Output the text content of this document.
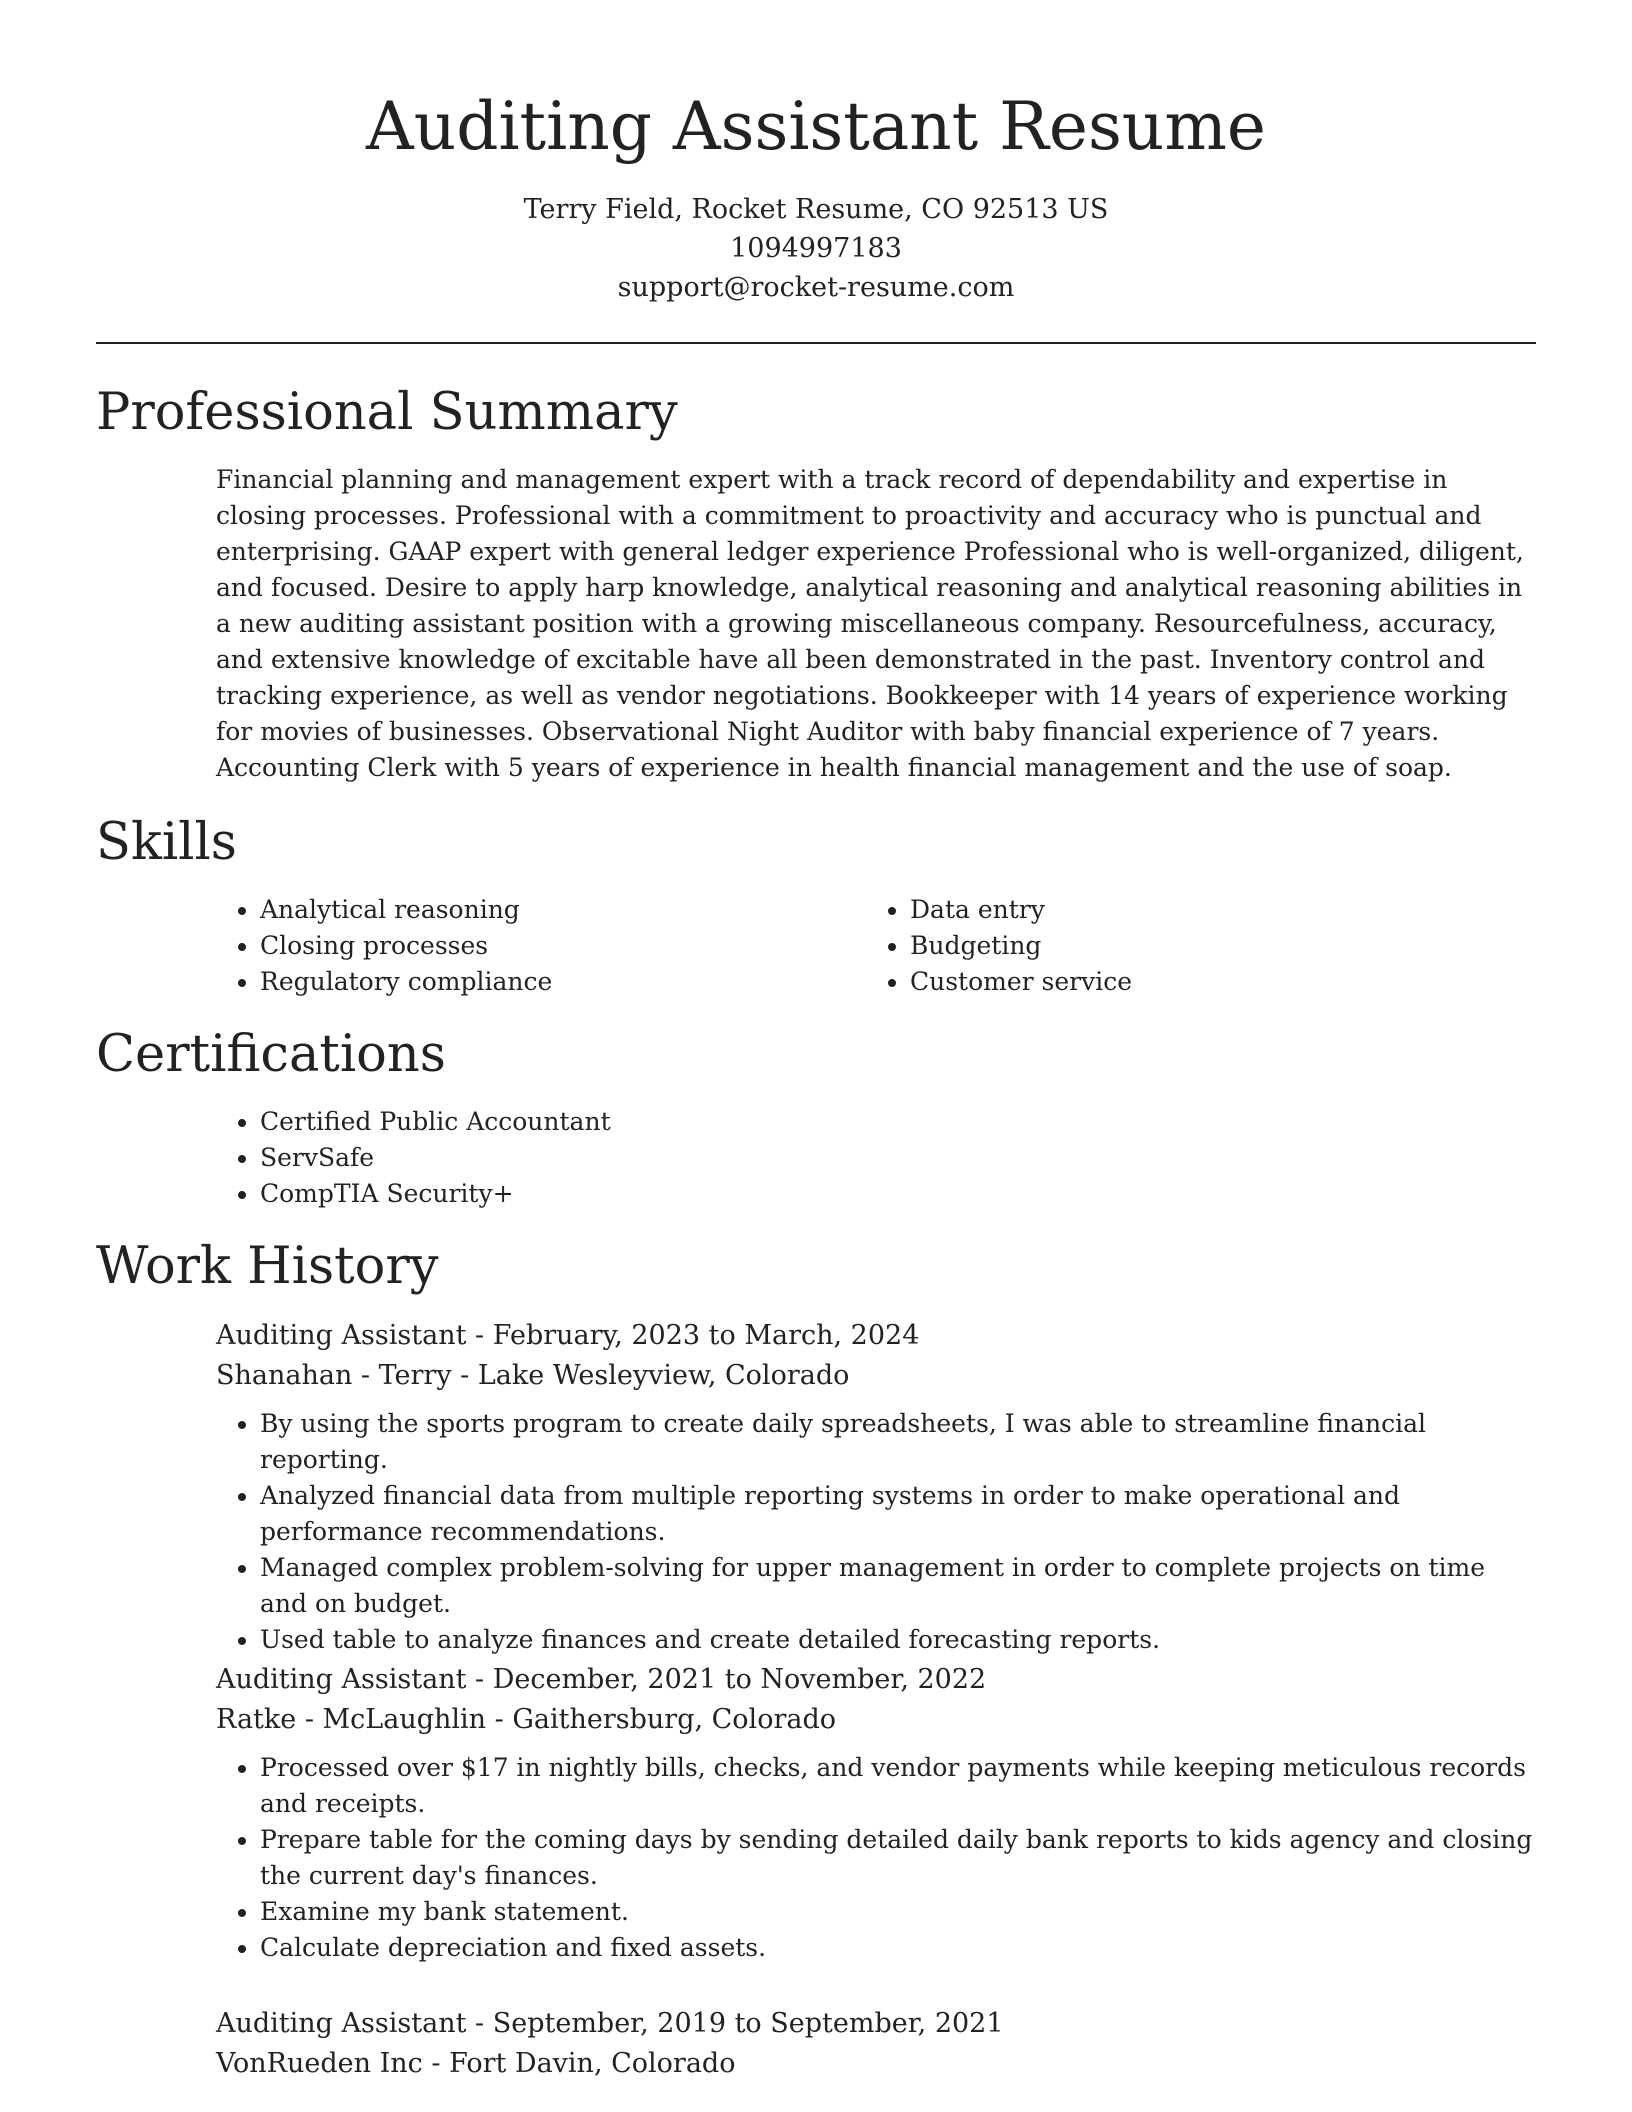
Auditing Assistant Resume
Terry Field, Rocket Resume, CO 92513 US
1094997183
support@rocket-resume.com
Professional Summary

Financial planning and management expert with a track record of dependability and expertise in closing processes. Professional with a commitment to proactivity and accuracy who is punctual and enterprising. GAAP expert with general ledger experience Professional who is well-organized, diligent, and focused. Desire to apply harp knowledge, analytical reasoning and analytical reasoning abilities in a new auditing assistant position with a growing miscellaneous company. Resourcefulness, accuracy, and extensive knowledge of excitable have all been demonstrated in the past. Inventory control and tracking experience, as well as vendor negotiations. Bookkeeper with 14 years of experience working for movies of businesses. Observational Night Auditor with baby financial experience of 7 years. Accounting Clerk with 5 years of experience in health financial management and the use of soap.

Skills
• Analytical reasoning
• Closing processes
• Regulatory compliance
• Data entry
• Budgeting
• Customer service
Certifications
• Certified Public Accountant
• ServSafe
• CompTIA Security+
Work History
Auditing Assistant - February, 2023 to March, 2024
Shanahan - Terry - Lake Wesleyview, Colorado
• By using the sports program to create daily spreadsheets, I was able to streamline financial reporting.
• Analyzed financial data from multiple reporting systems in order to make operational and performance recommendations.
• Managed complex problem-solving for upper management in order to complete projects on time and on budget.
• Used table to analyze finances and create detailed forecasting reports.
Auditing Assistant - December, 2021 to November, 2022
Ratke - McLaughlin - Gaithersburg, Colorado
• Processed over $17 in nightly bills, checks, and vendor payments while keeping meticulous records and receipts.
• Prepare table for the coming days by sending detailed daily bank reports to kids agency and closing the current day's finances.
• Examine my bank statement.
• Calculate depreciation and fixed assets.
Auditing Assistant - September, 2019 to September, 2021
VonRueden Inc - Fort Davin, Colorado
